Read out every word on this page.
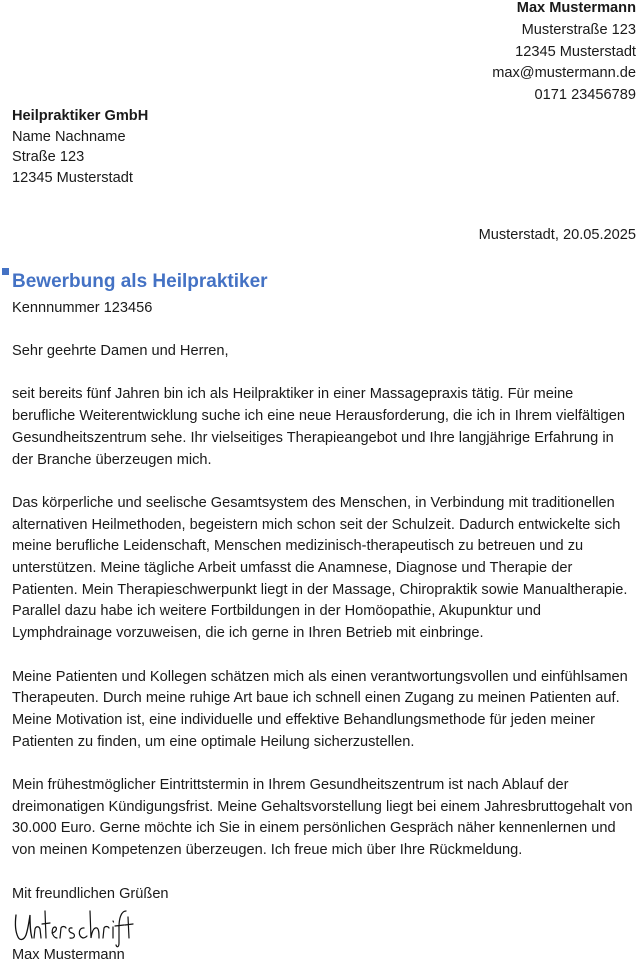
Max Mustermann
Musterstraße 123
12345 Musterstadt
max@mustermann.de
0171 23456789
Heilpraktiker GmbH
Name Nachname
Straße 123
12345 Musterstadt
Musterstadt, 20.05.2025
Bewerbung als Heilpraktiker
Kennnummer 123456

Sehr geehrte Damen und Herren,

seit bereits fünf Jahren bin ich als Heilpraktiker in einer Massagepraxis tätig. Für meine berufliche Weiterentwicklung suche ich eine neue Herausforderung, die ich in Ihrem vielfältigen Gesundheitszentrum sehe. Ihr vielseitiges Therapieangebot und Ihre langjährige Erfahrung in der Branche überzeugen mich.

Das körperliche und seelische Gesamtsystem des Menschen, in Verbindung mit traditionellen alternativen Heilmethoden, begeistern mich schon seit der Schulzeit. Dadurch entwickelte sich meine berufliche Leidenschaft, Menschen medizinisch-therapeutisch zu betreuen und zu unterstützen. Meine tägliche Arbeit umfasst die Anamnese, Diagnose und Therapie der Patienten. Mein Therapieschwerpunkt liegt in der Massage, Chiropraktik sowie Manualtherapie. Parallel dazu habe ich weitere Fortbildungen in der Homöopathie, Akupunktur und Lymphdrainage vorzuweisen, die ich gerne in Ihren Betrieb mit einbringe.

Meine Patienten und Kollegen schätzen mich als einen verantwortungsvollen und einfühlsamen Therapeuten. Durch meine ruhige Art baue ich schnell einen Zugang zu meinen Patienten auf. Meine Motivation ist, eine individuelle und effektive Behandlungsmethode für jeden meiner Patienten zu finden, um eine optimale Heilung sicherzustellen.

Mein frühestmöglicher Eintrittstermin in Ihrem Gesundheitszentrum ist nach Ablauf der dreimonatigen Kündigungsfrist. Meine Gehaltsvorstellung liegt bei einem Jahresbruttogehalt von 30.000 Euro. Gerne möchte ich Sie in einem persönlichen Gespräch näher kennenlernen und von meinen Kompetenzen überzeugen. Ich freue mich über Ihre Rückmeldung.

Mit freundlichen Grüßen

Max Mustermann
